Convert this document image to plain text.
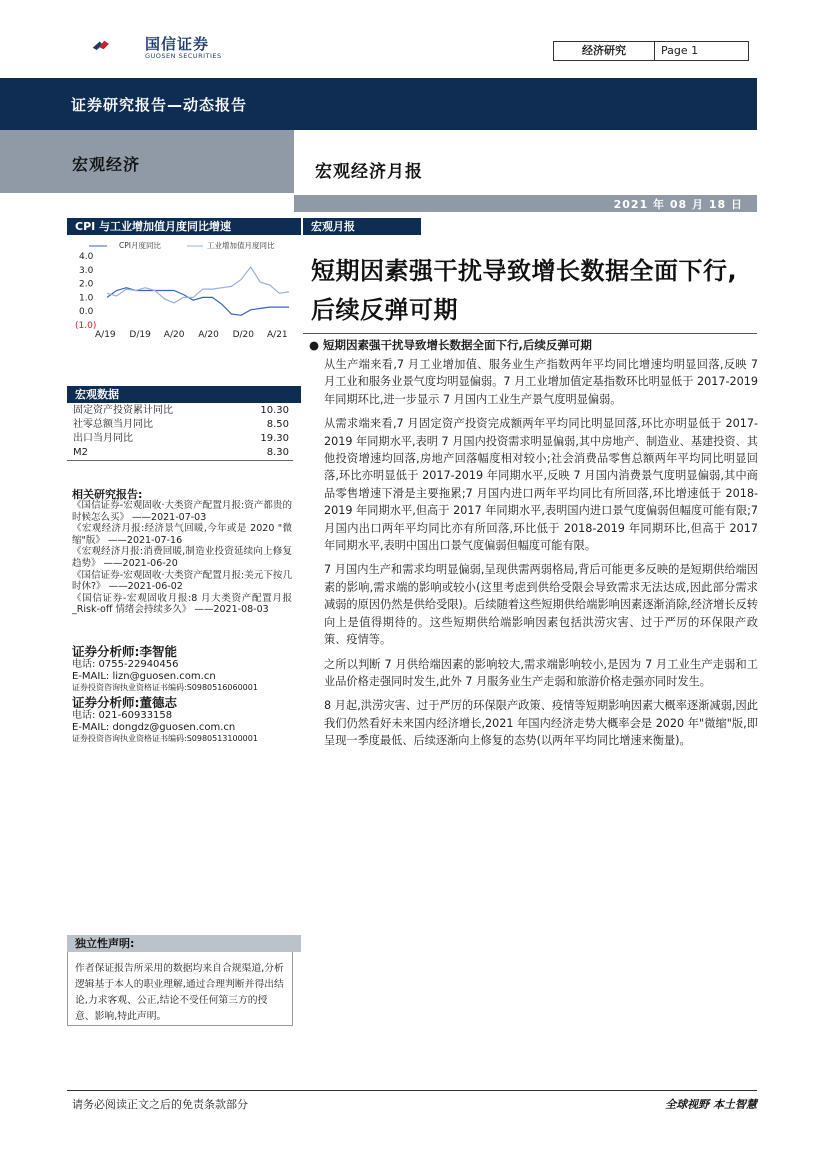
国信证券
GUOSEN SECURITIES	经济研究	Page 1
证券研究报告—动态报告
宏观经济	宏观经济月报
2021 年 08 月 18 日
CPI 与工业增加值月度同比增速
CPI月度同比	工业增加值月度同比
4.0
3.0
2.0
1.0
0.0
(1.0)
A/19 D/19 A/20 A/20 D/20 A/21
宏观数据
固定资产投资累计同比	10.30
社零总额当月同比	8.50
出口当月同比	19.30
M2	8.30
相关研究报告:
《国信证券-宏观固收·大类资产配置月报:资产都贵的时候怎么买》 ——2021-07-03
《宏观经济月报:经济景气回暖,今年或是 2020 "微缩"版》 ——2021-07-16
《宏观经济月报:消费回暖,制造业投资延续向上修复趋势》 ——2021-06-20
《国信证券-宏观固收·大类资产配置月报:美元下按几时休?》 ——2021-06-02
《国信证券-宏观固收月报:8 月大类资产配置月报_Risk-off 情绪会持续多久》 ——2021-08-03
证券分析师:李智能
电话: 0755-22940456
E-MAIL: lizn@guosen.com.cn
证券投资咨询执业资格证书编码:S0980516060001
证券分析师:董德志
电话: 021-60933158
E-MAIL: dongdz@guosen.com.cn
证券投资咨询执业资格证书编码:S0980513100001
独立性声明:
作者保证报告所采用的数据均来自合规渠道,分析逻辑基于本人的职业理解,通过合理判断并得出结论,力求客观、公正,结论不受任何第三方的授意、影响,特此声明。
宏观月报
短期因素强干扰导致增长数据全面下行,后续反弹可期
● 短期因素强干扰导致增长数据全面下行,后续反弹可期

从生产端来看,7 月工业增加值、服务业生产指数两年平均同比增速均明显回落,反映 7 月工业和服务业景气度均明显偏弱。7 月工业增加值定基指数环比明显低于 2017-2019 年同期环比,进一步显示 7 月国内工业生产景气度明显偏弱。

从需求端来看,7 月固定资产投资完成额两年平均同比明显回落,环比亦明显低于 2017-2019 年同期水平,表明 7 月国内投资需求明显偏弱,其中房地产、制造业、基建投资、其他投资增速均回落,房地产回落幅度相对较小;社会消费品零售总额两年平均同比明显回落,环比亦明显低于 2017-2019 年同期水平,反映 7 月国内消费景气度明显偏弱,其中商品零售增速下滑是主要拖累;7 月国内进口两年平均同比有所回落,环比增速低于 2018-2019 年同期水平,但高于 2017 年同期水平,表明国内进口景气度偏弱但幅度可能有限;7 月国内出口两年平均同比亦有所回落,环比低于 2018-2019 年同期环比,但高于 2017 年同期水平,表明中国出口景气度偏弱但幅度可能有限。

7 月国内生产和需求均明显偏弱,呈现供需两弱格局,背后可能更多反映的是短期供给端因素的影响,需求端的影响或较小(这里考虑到供给受限会导致需求无法达成,因此部分需求减弱的原因仍然是供给受限)。后续随着这些短期供给端影响因素逐渐消除,经济增长反转向上是值得期待的。这些短期供给端影响因素包括洪涝灾害、过于严厉的环保限产政策、疫情等。

之所以判断 7 月供给端因素的影响较大,需求端影响较小,是因为 7 月工业生产走弱和工业品价格走强同时发生,此外 7 月服务业生产走弱和旅游价格走强亦同时发生。

8 月起,洪涝灾害、过于严厉的环保限产政策、疫情等短期影响因素大概率逐渐减弱,因此我们仍然看好未来国内经济增长,2021 年国内经济走势大概率会是 2020 年"微缩"版,即呈现一季度最低、后续逐渐向上修复的态势(以两年平均同比增速来衡量)。

请务必阅读正文之后的免责条款部分	全球视野 本土智慧
